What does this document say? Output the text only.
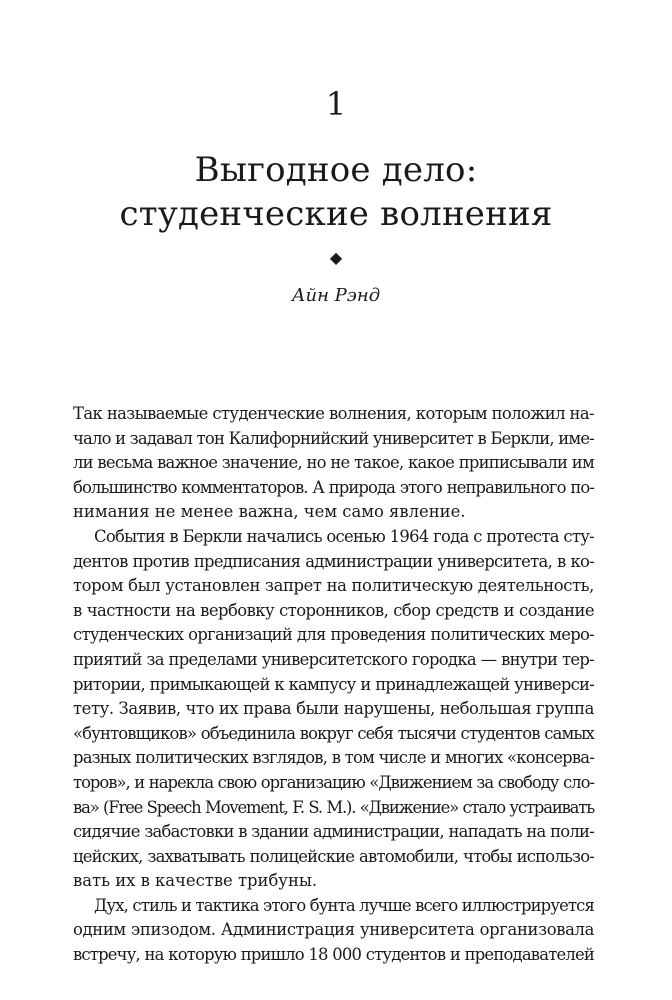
1
Выгодное дело:
студенческие волнения
◆
Айн Рэнд

Так называемые студенческие волнения, которым положил на-
чало и задавал тон Калифорнийский университет в Беркли, име-
ли весьма важное значение, но не такое, какое приписывали им
большинство комментаторов. А природа этого неправильного по-
нимания не менее важна, чем само явление.

События в Беркли начались осенью 1964 года с протеста сту-
дентов против предписания администрации университета, в ко-
тором был установлен запрет на политическую деятельность,
в частности на вербовку сторонников, сбор средств и создание
студенческих организаций для проведения политических меро-
приятий за пределами университетского городка — внутри тер-
ритории, примыкающей к кампусу и принадлежащей универси-
тету. Заявив, что их права были нарушены, небольшая группа
«бунтовщиков» объединила вокруг себя тысячи студентов самых
разных политических взглядов, в том числе и многих «консерва-
торов», и нарекла свою организацию «Движением за свободу сло-
ва» (Free Speech Movement, F. S. M.). «Движение» стало устраивать
сидячие забастовки в здании администрации, нападать на поли-
цейских, захватывать полицейские автомобили, чтобы использо-
вать их в качестве трибуны.

Дух, стиль и тактика этого бунта лучше всего иллюстрируется
одним эпизодом. Администрация университета организовала
встречу, на которую пришло 18 000 студентов и преподавателей
